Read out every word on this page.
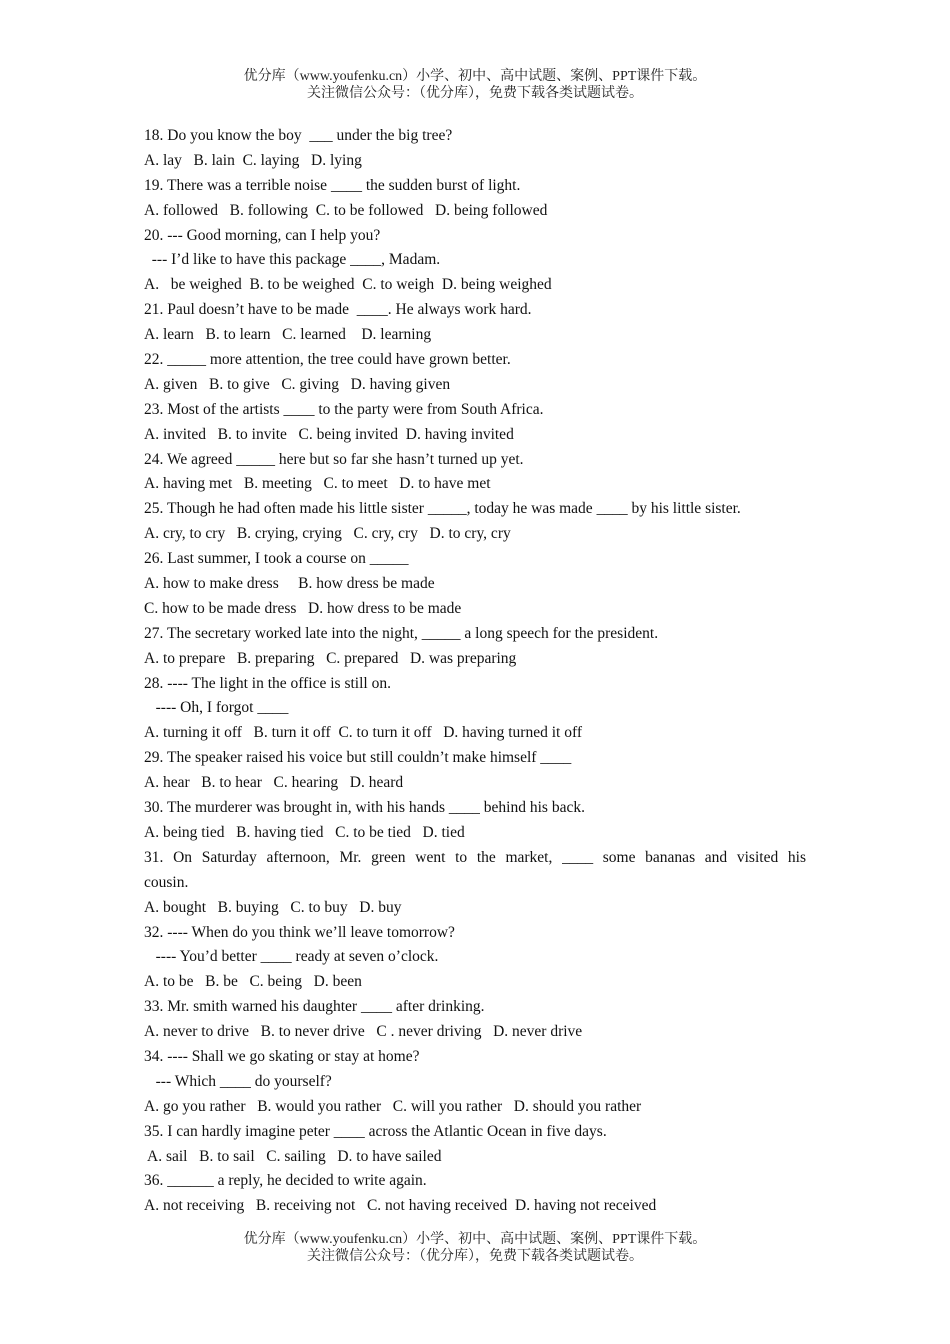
优分库（www.youfenku.cn）小学、初中、高中试题、案例、PPT课件下载。
关注微信公众号：（优分库），免费下载各类试题试卷。
18. Do you know the boy  ___ under the big tree?
A. lay   B. lain  C. laying   D. lying
19. There was a terrible noise ____ the sudden burst of light.
A. followed   B. following  C. to be followed   D. being followed
20. --- Good morning, can I help you?
--- I’d like to have this package ____, Madam.
A.   be weighed  B. to be weighed  C. to weigh  D. being weighed
21. Paul doesn’t have to be made  ____. He always work hard.
A. learn   B. to learn   C. learned    D. learning
22. _____ more attention, the tree could have grown better.
A. given   B. to give   C. giving   D. having given
23. Most of the artists ____ to the party were from South Africa.
A. invited   B. to invite   C. being invited  D. having invited
24. We agreed _____ here but so far she hasn’t turned up yet.
A. having met   B. meeting   C. to meet   D. to have met
25. Though he had often made his little sister _____, today he was made ____ by his little sister.
A. cry, to cry   B. crying, crying   C. cry, cry   D. to cry, cry
26. Last summer, I took a course on _____
A. how to make dress     B. how dress be made
C. how to be made dress   D. how dress to be made
27. The secretary worked late into the night, _____ a long speech for the president.
A. to prepare   B. preparing   C. prepared   D. was preparing
28. ---- The light in the office is still on.
---- Oh, I forgot ____
A. turning it off   B. turn it off  C. to turn it off   D. having turned it off
29. The speaker raised his voice but still couldn’t make himself ____
A. hear   B. to hear   C. hearing   D. heard
30. The murderer was brought in, with his hands ____ behind his back.
A. being tied   B. having tied   C. to be tied   D. tied
31. On Saturday afternoon, Mr. green went to the market, ____ some bananas and visited his
cousin.
A. bought   B. buying   C. to buy   D. buy
32. ---- When do you think we’ll leave tomorrow?
---- You’d better ____ ready at seven o’clock.
A. to be   B. be   C. being   D. been
33. Mr. smith warned his daughter ____ after drinking.
A. never to drive   B. to never drive   C . never driving   D. never drive
34. ---- Shall we go skating or stay at home?
--- Which ____ do yourself?
A. go you rather   B. would you rather   C. will you rather   D. should you rather
35. I can hardly imagine peter ____ across the Atlantic Ocean in five days.
A. sail   B. to sail   C. sailing   D. to have sailed
36. ______ a reply, he decided to write again.
A. not receiving   B. receiving not   C. not having received  D. having not received
优分库（www.youfenku.cn）小学、初中、高中试题、案例、PPT课件下载。
关注微信公众号：（优分库），免费下载各类试题试卷。
